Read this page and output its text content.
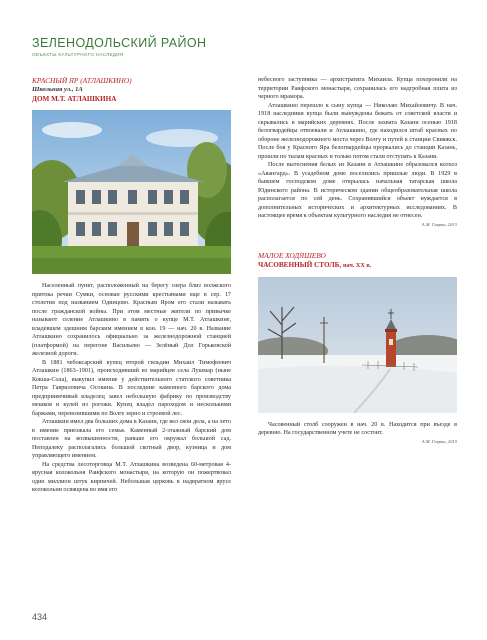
ЗЕЛЕНОДОЛЬСКИЙ РАЙОН
ОБЪЕКТЫ КУЛЬТУРНОГО НАСЛЕДИЯ
КРАСНЫЙ ЯР (АТЛАШКИНО)
Школьная ул., 1А
ДОМ М.Т. АТЛАШКИНА

Населенный пункт, расположенный на берегу озера близ волжского притока речки Сумки, основан русскими крестьянами еще в сер. 17 столетия под названием Одинцово. Красным Яром его стали называть после гражданской войны. При этом местные жители по привычке называют селение Атлашкино в память о купце М.Т. Атлашкине, владевшем здешним барским имением в кон. 19 — нач. 20 в. Название Атлашкино сохранилось официально за железнодорожной станцией (платформой) на перегоне Васильево — Зелёный Дол Горьковской железной дороги.

В 1881 чебоксарский купец второй гильдии Михаил Тимофеевич Атлашкин (1863–1901), происходивший из марийцев села Лушмар (ныне Кокша-Сола), выкупил имение у действительного статского советника Петра Гавриловича Осокина. В последние каменного барского дома предприимчивый владелец завел небольшую фабрику по производству мешков и кулей из рогожи. Купец владел пароходом и несколькими баржами, перевозившими по Волге зерно и строевой лес.

Атлашкин имел два больших дома в Казани, где вел свои дела, а на лето в имение приезжала его семья. Каменный 2-этажный барский дом поставлен на возвышенности, раньше его окружал большой сад. Неподалеку располагались большой скотный двор, кузница и дом управляющего имением.

На средства лесоторговца М.Т. Атлашкина возведена 60-метровая 4-ярусная колокольня Раифского монастыря, на которую он пожертвовал один миллион штук кирпичей. Небольшая церковь в надвратном ярусе колокольни освящена во имя его

небесного заступника — архистратига Михаила. Купца похоронили на территории Раифского монастыря, сохранилась его надгробная плита из черного мрамора.

Атлашкино перешло к сыну купца — Николаю Михайловичу. В нач. 1918 наследники купца были вынуждены бежать от советской власти и скрывались в марийских деревнях. После захвата Казани осенью 1918 белогвардейцы отвоевали и Атлашкино, где находился штаб красных по обороне железнодорожного моста через Волгу и путей к станции Свияжск. После боя у Красного Яра белогвардейцы прорвались до станции Казань, прошли по тылам красных и только потом стали отступать к Казани.

После вытеснения белых из Казани в Атлашкине образовался колхоз «Авангард». В усадебном доме поселились пришлые люди. В 1929 в бывшем господском доме открылась начальная татарская школа Юдинского района. В историческом здании общеобразовательная школа располагается по сей день. Сохранившийся объект нуждается в дополнительных исторических и архитектурных исследованиях. В настоящее время к объектам культурного наследия не отнесен.

А.М. Гаврин, 2015
МАЛОЕ ХОДЯШЕВО
ЧАСОВЕННЫЙ СТОЛБ, нач. ХХ в.

Часовенный столб сооружен в нач. 20 в. Находится при въезде в деревню. На государственном учете не состоит.

А.М. Гаврин, 2015
434
